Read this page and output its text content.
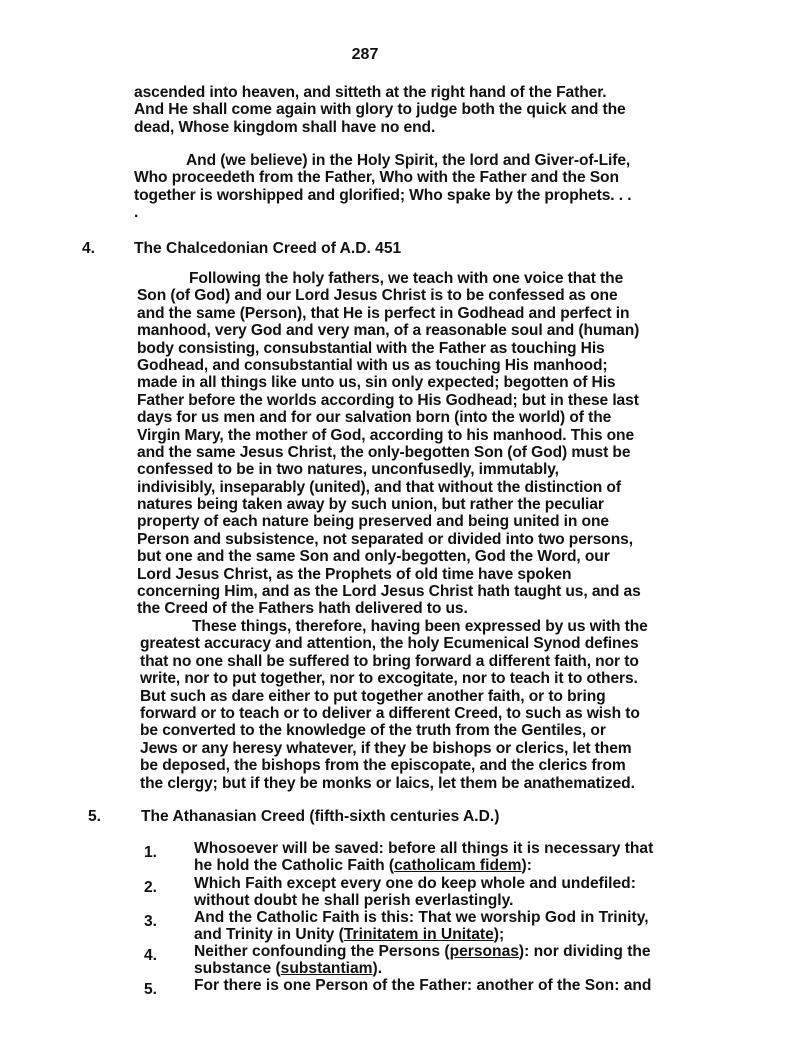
287
ascended into heaven, and sitteth at the right hand of the Father.
And He shall come again with glory to judge both the quick and the
dead, Whose kingdom shall have no end.
And (we believe) in the Holy Spirit, the lord and Giver-of-Life,
Who proceedeth from the Father, Who with the Father and the Son
together is worshipped and glorified; Who spake by the prophets. . .
.
4. The Chalcedonian Creed of A.D. 451
Following the holy fathers, we teach with one voice that the
Son (of God) and our Lord Jesus Christ is to be confessed as one
and the same (Person), that He is perfect in Godhead and perfect in
manhood, very God and very man, of a reasonable soul and (human)
body consisting, consubstantial with the Father as touching His
Godhead, and consubstantial with us as touching His manhood;
made in all things like unto us, sin only expected; begotten of His
Father before the worlds according to His Godhead; but in these last
days for us men and for our salvation born (into the world) of the
Virgin Mary, the mother of God, according to his manhood. This one
and the same Jesus Christ, the only-begotten Son (of God) must be
confessed to be in two natures, unconfusedly, immutably,
indivisibly, inseparably (united), and that without the distinction of
natures being taken away by such union, but rather the peculiar
property of each nature being preserved and being united in one
Person and subsistence, not separated or divided into two persons,
but one and the same Son and only-begotten, God the Word, our
Lord Jesus Christ, as the Prophets of old time have spoken
concerning Him, and as the Lord Jesus Christ hath taught us, and as
the Creed of the Fathers hath delivered to us.
These things, therefore, having been expressed by us with the
greatest accuracy and attention, the holy Ecumenical Synod defines
that no one shall be suffered to bring forward a different faith, nor to
write, nor to put together, nor to excogitate, nor to teach it to others.
But such as dare either to put together another faith, or to bring
forward or to teach or to deliver a different Creed, to such as wish to
be converted to the knowledge of the truth from the Gentiles, or
Jews or any heresy whatever, if they be bishops or clerics, let them
be deposed, the bishops from the episcopate, and the clerics from
the clergy; but if they be monks or laics, let them be anathematized.
5.	The Athanasian Creed (fifth-sixth centuries A.D.)
1. Whosoever will be saved: before all things it is necessary that
he hold the Catholic Faith (catholicam fidem):
2. Which Faith except every one do keep whole and undefiled:
without doubt he shall perish everlastingly.
3. And the Catholic Faith is this: That we worship God in Trinity,
and Trinity in Unity (Trinitatem in Unitate);
4. Neither confounding the Persons (personas): nor dividing the
substance (substantiam).
5. For there is one Person of the Father: another of the Son: and
